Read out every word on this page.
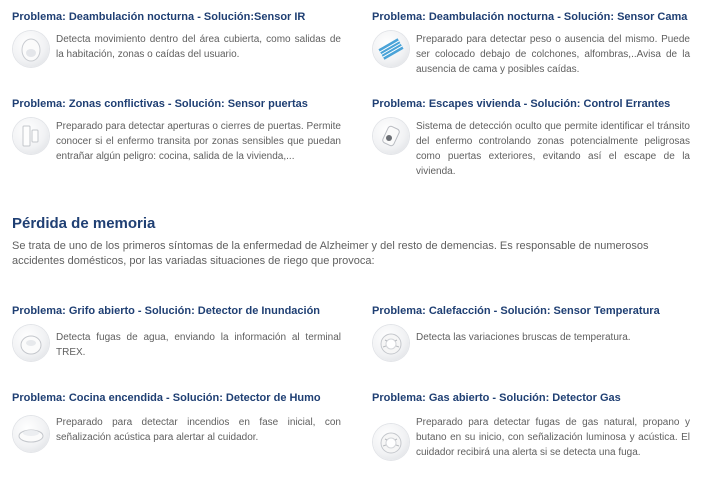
Problema: Deambulación nocturna - Solución:Sensor IR

Detecta movimiento dentro del área cubierta, como salidas de la habitación, zonas o caídas del usuario.

Problema: Deambulación nocturna - Solución: Sensor Cama

Preparado para detectar peso o ausencia del mismo. Puede ser colocado debajo de colchones, alfombras,..Avisa de la ausencia de cama y posibles caídas.

Problema: Zonas conflictivas - Solución: Sensor puertas

Preparado para detectar aperturas o cierres de puertas. Permite conocer si el enfermo transita por zonas sensibles que puedan entrañar algún peligro: cocina, salida de la vivienda,...

Problema: Escapes vivienda - Solución: Control Errantes

Sistema de detección oculto que permite identificar el tránsito del enfermo controlando zonas potencialmente peligrosas como puertas exteriores, evitando así el escape de la vivienda.

Pérdida de memoria

Se trata de uno de los primeros síntomas de la enfermedad de Alzheimer y del resto de demencias. Es responsable de numerosos accidentes domésticos, por las variadas situaciones de riego que provoca:

Problema: Grifo abierto - Solución: Detector de Inundación

Detecta fugas de agua, enviando la información al terminal TREX.

Problema: Calefacción - Solución: Sensor Temperatura

Detecta las variaciones bruscas de temperatura.

Problema: Cocina encendida - Solución: Detector de Humo

Preparado para detectar incendios en fase inicial, con señalización acústica para alertar al cuidador.

Problema: Gas abierto - Solución: Detector Gas

Preparado para detectar fugas de gas natural, propano y butano en su inicio, con señalización luminosa y acústica. El cuidador recibirá una alerta si se detecta una fuga.
